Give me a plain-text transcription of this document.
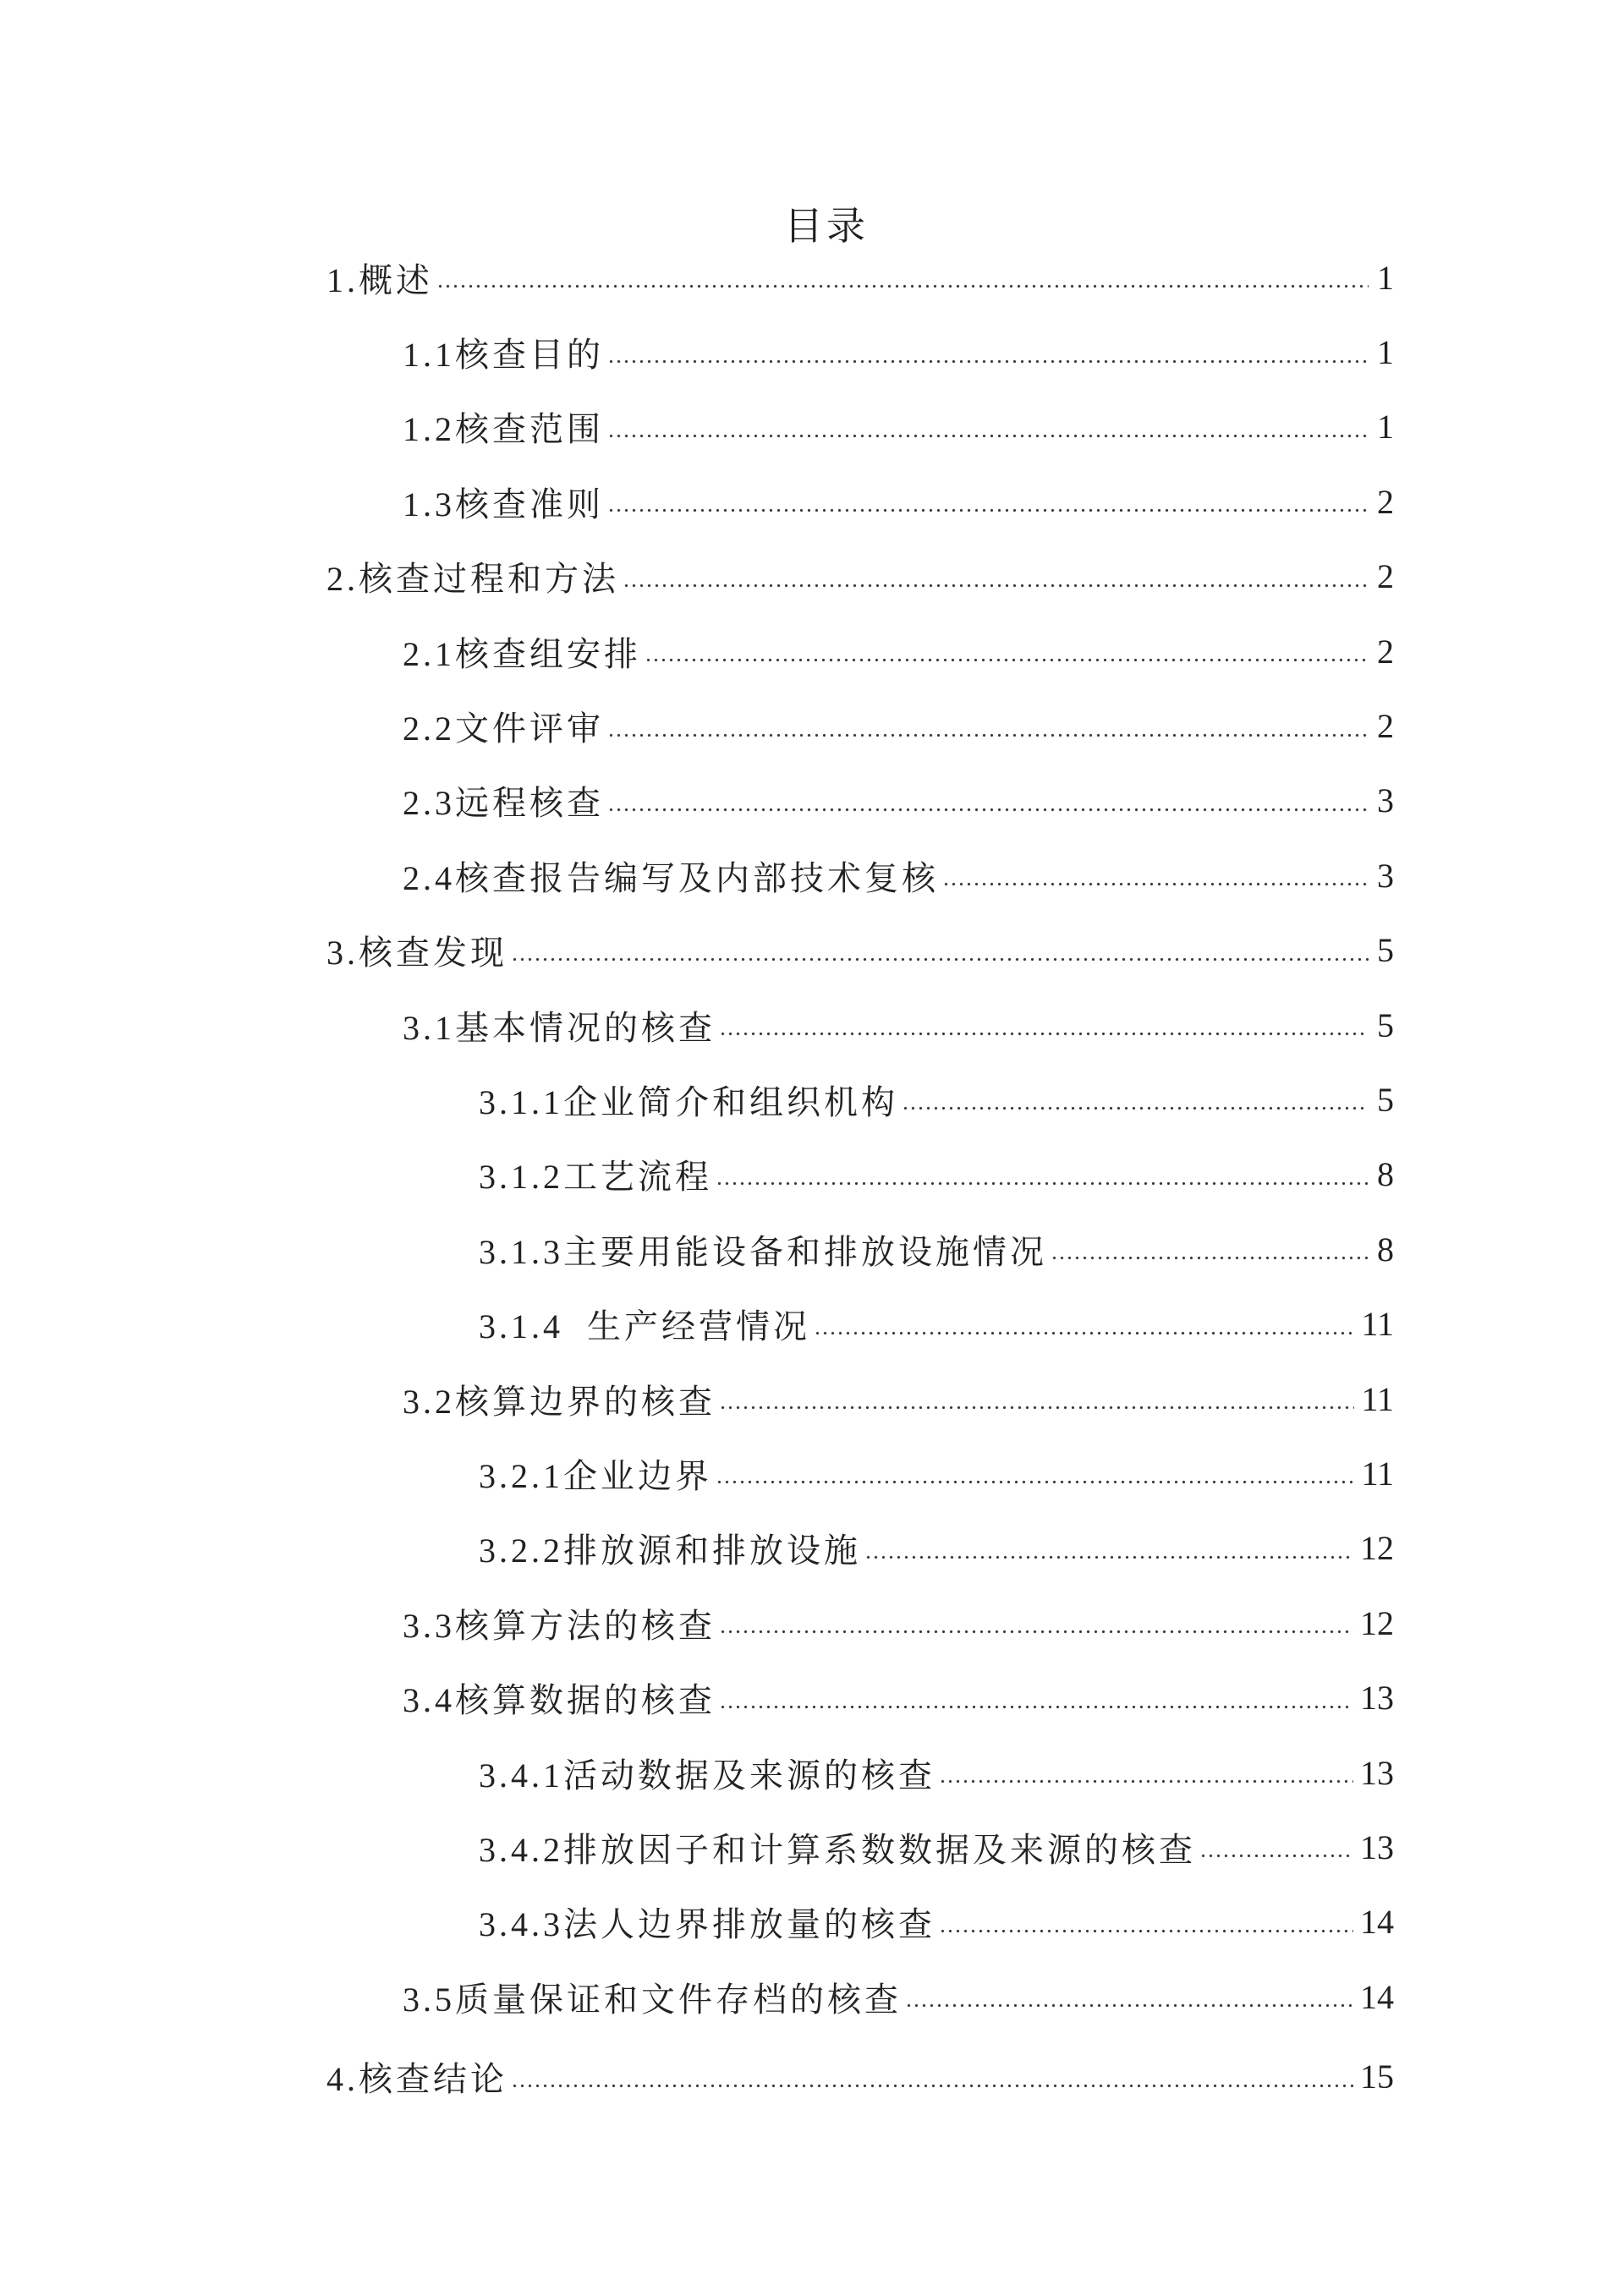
目录
1.概述	1
1.1核查目的	1
1.2核查范围	1
1.3核查准则	2
2.核查过程和方法	2
2.1核查组安排	2
2.2文件评审	2
2.3远程核查	3
2.4核查报告编写及内部技术复核	3
3.核查发现	5
3.1基本情况的核查	5
3.1.1企业简介和组织机构	5
3.1.2工艺流程	8
3.1.3主要用能设备和排放设施情况	8
3.1.4  生产经营情况	11
3.2核算边界的核查	11
3.2.1企业边界	11
3.2.2排放源和排放设施	12
3.3核算方法的核查	12
3.4核算数据的核查	13
3.4.1活动数据及来源的核查	13
3.4.2排放因子和计算系数数据及来源的核查	13
3.4.3法人边界排放量的核查	14
3.5质量保证和文件存档的核查	14
4.核查结论	15
